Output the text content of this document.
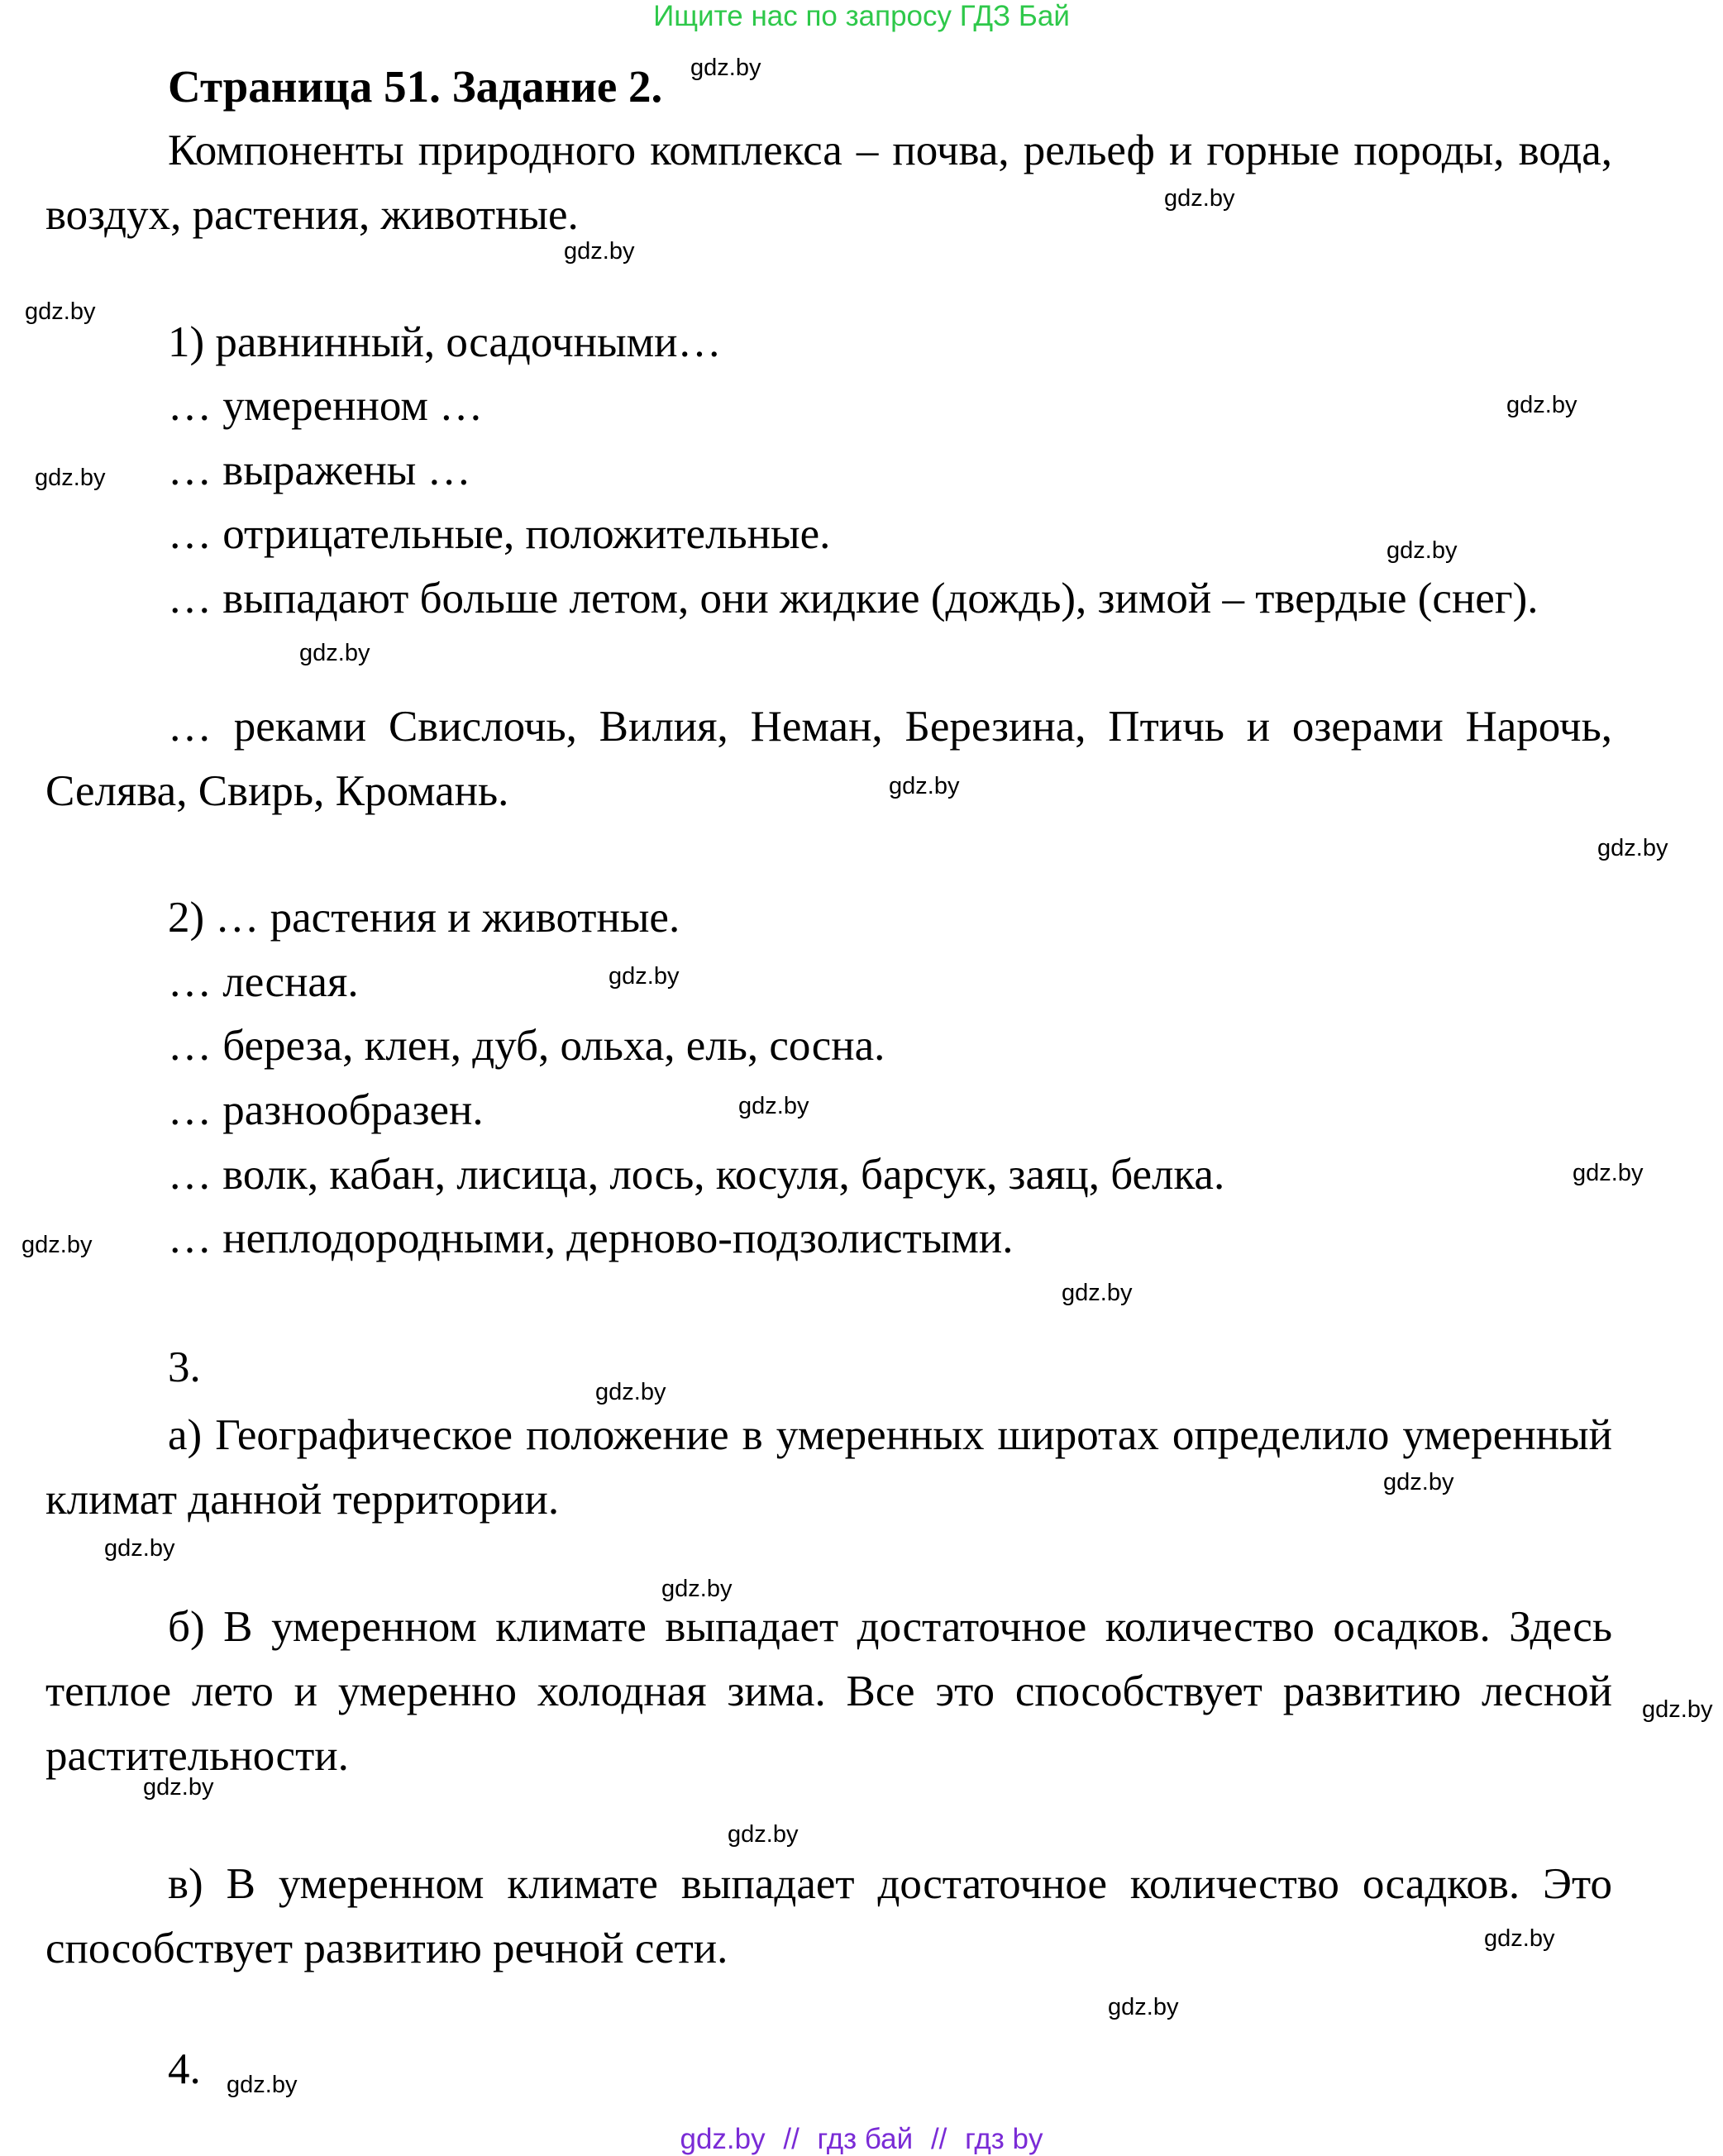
Ищите нас по запросу ГДЗ Бай
Страница 51. Задание 2. gdz.by
Компоненты природного комплекса – почва, рельеф и горные породы, вода, воздух, растения, животные.	gdz.by
gdz.by
gdz.by
1) равнинный, осадочными…
… умеренном …	gdz.by
gdz.by … выражены …
… отрицательные, положительные.	gdz.by
… выпадают больше летом, они жидкие (дождь), зимой – твердые (снег).
gdz.by
… реками Свислочь, Вилия, Неман, Березина, Птичь и озерами Нарочь, Селява, Свирь, Кромань.	gdz.by
gdz.by
2) … растения и животные.
… лесная.	gdz.by
… береза, клен, дуб, ольха, ель, сосна.
… разнообразен.	gdz.by
… волк, кабан, лисица, лось, косуля, барсук, заяц, белка.	gdz.by
… неплодородными, дерново-подзолистыми.
gdz.by
gdz.by
3.
gdz.by
а) Географическое положение в умеренных широтах определило умеренный климат данной территории.	gdz.by
gdz.by
gdz.by
б) В умеренном климате выпадает достаточное количество осадков. Здесь теплое лето и умеренно холодная зима. Все это способствует развитию лесной растительности.
gdz.by
gdz.by
gdz.by
в) В умеренном климате выпадает достаточное количество осадков. Это способствует развитию речной сети.	gdz.by
gdz.by
4. gdz.by
gdz.by // гдз бай // гдз by
